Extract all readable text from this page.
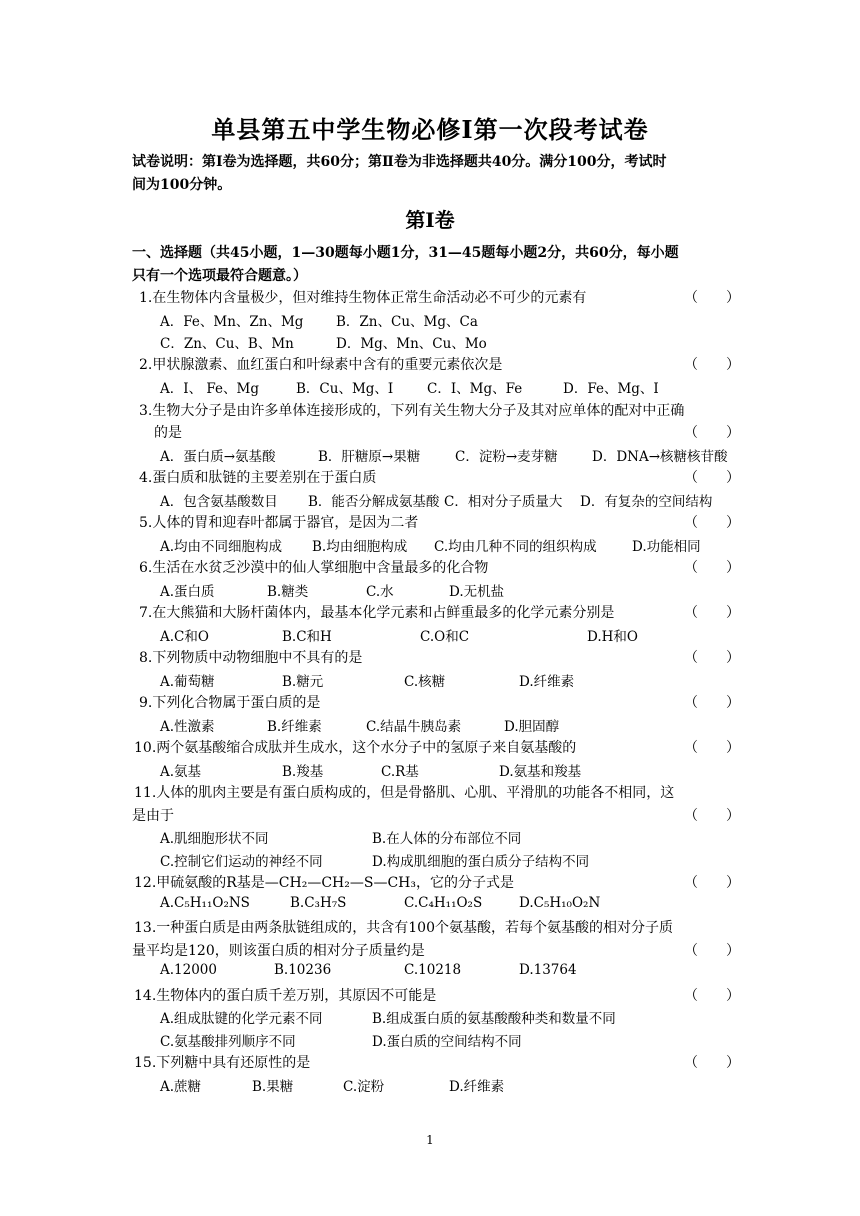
单县第五中学生物必修Ⅰ第一次段考试卷
试卷说明：第Ⅰ卷为选择题，共60分；第Ⅱ卷为非选择题共40分。满分100分，考试时
间为100分钟。
第Ⅰ卷
一、选择题（共45小题，1—30题每小题1分，31—45题每小题2分，共60分，每小题
只有一个选项最符合题意。）
1.在生物体内含量极少，但对维持生物体正常生命活动必不可少的元素有	（　　）
A．Fe、Mn、Zn、Mg B．Zn、Cu、Mg、Ca
C．Zn、Cu、B、Mn	D．Mg、Mn、Cu、Mo
2.甲状腺激素、血红蛋白和叶绿素中含有的重要元素依次是	（　　）
A．I、 Fe、Mg	B．Cu、Mg、I	C．I、Mg、Fe	D．Fe、Mg、I
3.生物大分子是由许多单体连接形成的，下列有关生物大分子及其对应单体的配对中正确
的是	（　　）
A．蛋白质→氨基酸	B．肝糖原→果糖	C．淀粉→麦芽糖	D．DNA→核糖核苷酸
4.蛋白质和肽链的主要差别在于蛋白质	（　　）
A．包含氨基酸数目 B．能否分解成氨基酸 C．相对分子质量大 D．有复杂的空间结构
5.人体的胃和迎春叶都属于器官，是因为二者	（　　）
A.均由不同细胞构成 B.均由细胞构成 C.均由几种不同的组织构成	D.功能相同
6.生活在水贫乏沙漠中的仙人掌细胞中含量最多的化合物	（　　）
A.蛋白质	B.糖类	C.水	D.无机盐
7.在大熊猫和大肠杆菌体内，最基本化学元素和占鲜重最多的化学元素分别是	（　　）
A.C和O	B.C和H	C.O和C	D.H和O
8.下列物质中动物细胞中不具有的是	（　　）
A.葡萄糖	B.糖元	C.核糖	D.纤维素
9.下列化合物属于蛋白质的是	（　　）
A.性激素	B.纤维素	C.结晶牛胰岛素	D.胆固醇
10.两个氨基酸缩合成肽并生成水，这个水分子中的氢原子来自氨基酸的	（　　）
A.氨基	B.羧基	C.R基	D.氨基和羧基
11.人体的肌肉主要是有蛋白质构成的，但是骨骼肌、心肌、平滑肌的功能各不相同，这
是由于	（　　）
A.肌细胞形状不同	B.在人体的分布部位不同
C.控制它们运动的神经不同	D.构成肌细胞的蛋白质分子结构不同
12.甲硫氨酸的R基是—CH₂—CH₂—S—CH₃，它的分子式是	（　　）
A.C₅H₁₁O₂NS	B.C₃H₇S	C.C₄H₁₁O₂S	D.C₅H₁₀O₂N
13.一种蛋白质是由两条肽链组成的，共含有100个氨基酸，若每个氨基酸的相对分子质
量平均是120，则该蛋白质的相对分子质量约是	（　　）
A.12000	B.10236	C.10218	D.13764
14.生物体内的蛋白质千差万别，其原因不可能是	（　　）
A.组成肽键的化学元素不同	B.组成蛋白质的氨基酸酸种类和数量不同
C.氨基酸排列顺序不同	D.蛋白质的空间结构不同
15.下列糖中具有还原性的是	（　　）
A.蔗糖	B.果糖	C.淀粉	D.纤维素
1
